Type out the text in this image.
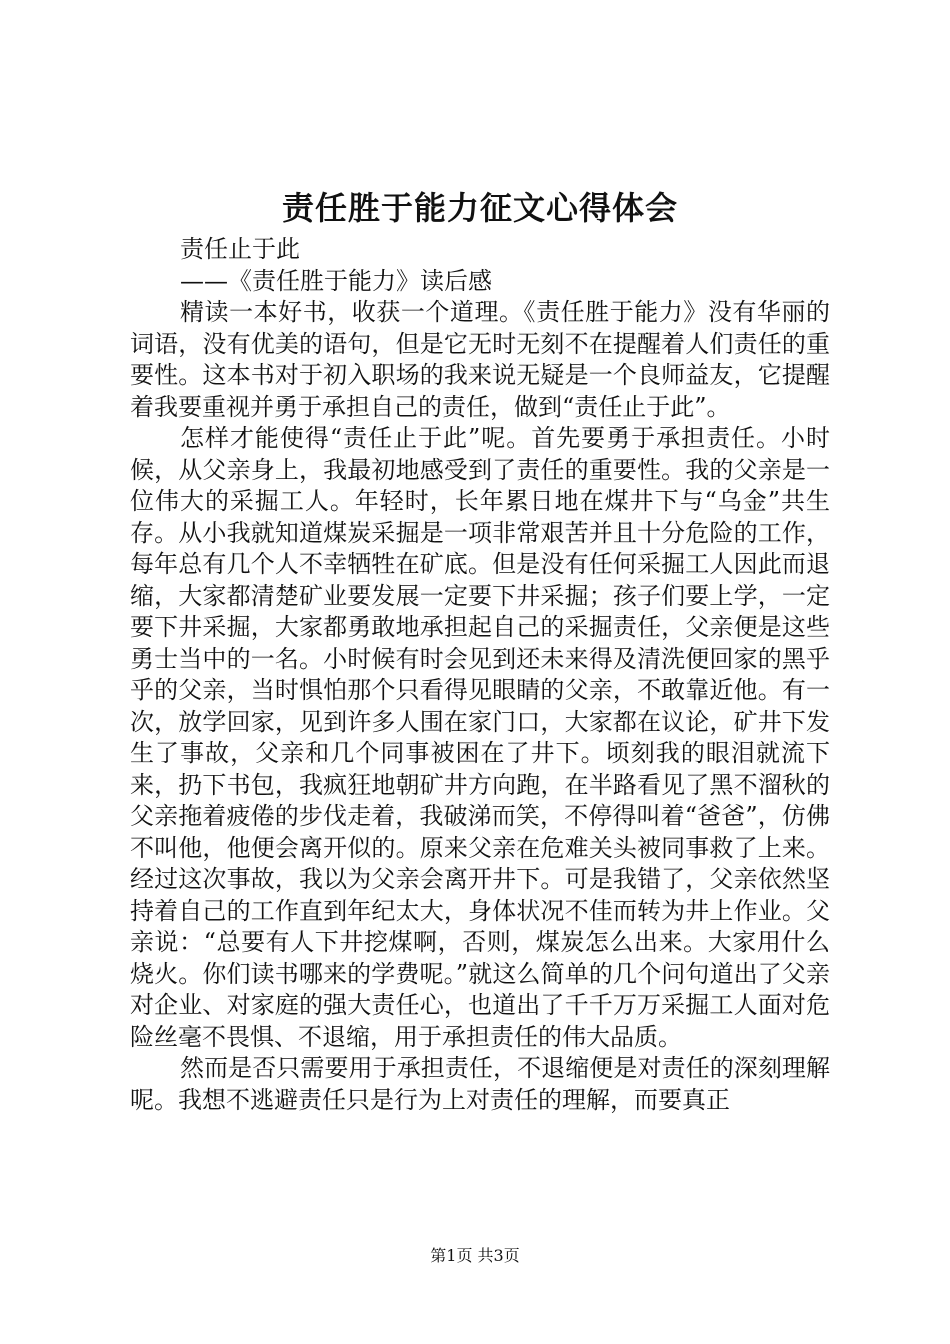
责任胜于能力征文心得体会

责任止于此

——《责任胜于能力》读后感

精读一本好书，收获一个道理。《责任胜于能力》没有华丽的词语，没有优美的语句，但是它无时无刻不在提醒着人们责任的重要性。这本书对于初入职场的我来说无疑是一个良师益友，它提醒着我要重视并勇于承担自己的责任，做到“责任止于此”。

怎样才能使得“责任止于此”呢。首先要勇于承担责任。小时候，从父亲身上，我最初地感受到了责任的重要性。我的父亲是一位伟大的采掘工人。年轻时，长年累日地在煤井下与“乌金”共生存。从小我就知道煤炭采掘是一项非常艰苦并且十分危险的工作，每年总有几个人不幸牺牲在矿底。但是没有任何采掘工人因此而退缩，大家都清楚矿业要发展一定要下井采掘；孩子们要上学，一定要下井采掘，大家都勇敢地承担起自己的采掘责任，父亲便是这些勇士当中的一名。小时候有时会见到还未来得及清洗便回家的黑乎乎的父亲，当时惧怕那个只看得见眼睛的父亲，不敢靠近他。有一次，放学回家，见到许多人围在家门口，大家都在议论，矿井下发生了事故，父亲和几个同事被困在了井下。顷刻我的眼泪就流下来，扔下书包，我疯狂地朝矿井方向跑，在半路看见了黑不溜秋的父亲拖着疲倦的步伐走着，我破涕而笑，不停得叫着“爸爸”，仿佛不叫他，他便会离开似的。原来父亲在危难关头被同事救了上来。经过这次事故，我以为父亲会离开井下。可是我错了，父亲依然坚持着自己的工作直到年纪太大，身体状况不佳而转为井上作业。父亲说：“总要有人下井挖煤啊，否则，煤炭怎么出来。大家用什么烧火。你们读书哪来的学费呢。”就这么简单的几个问句道出了父亲对企业、对家庭的强大责任心，也道出了千千万万采掘工人面对危险丝毫不畏惧、不退缩，用于承担责任的伟大品质。

然而是否只需要用于承担责任，不退缩便是对责任的深刻理解呢。我想不逃避责任只是行为上对责任的理解，而要真正

第1页 共3页
